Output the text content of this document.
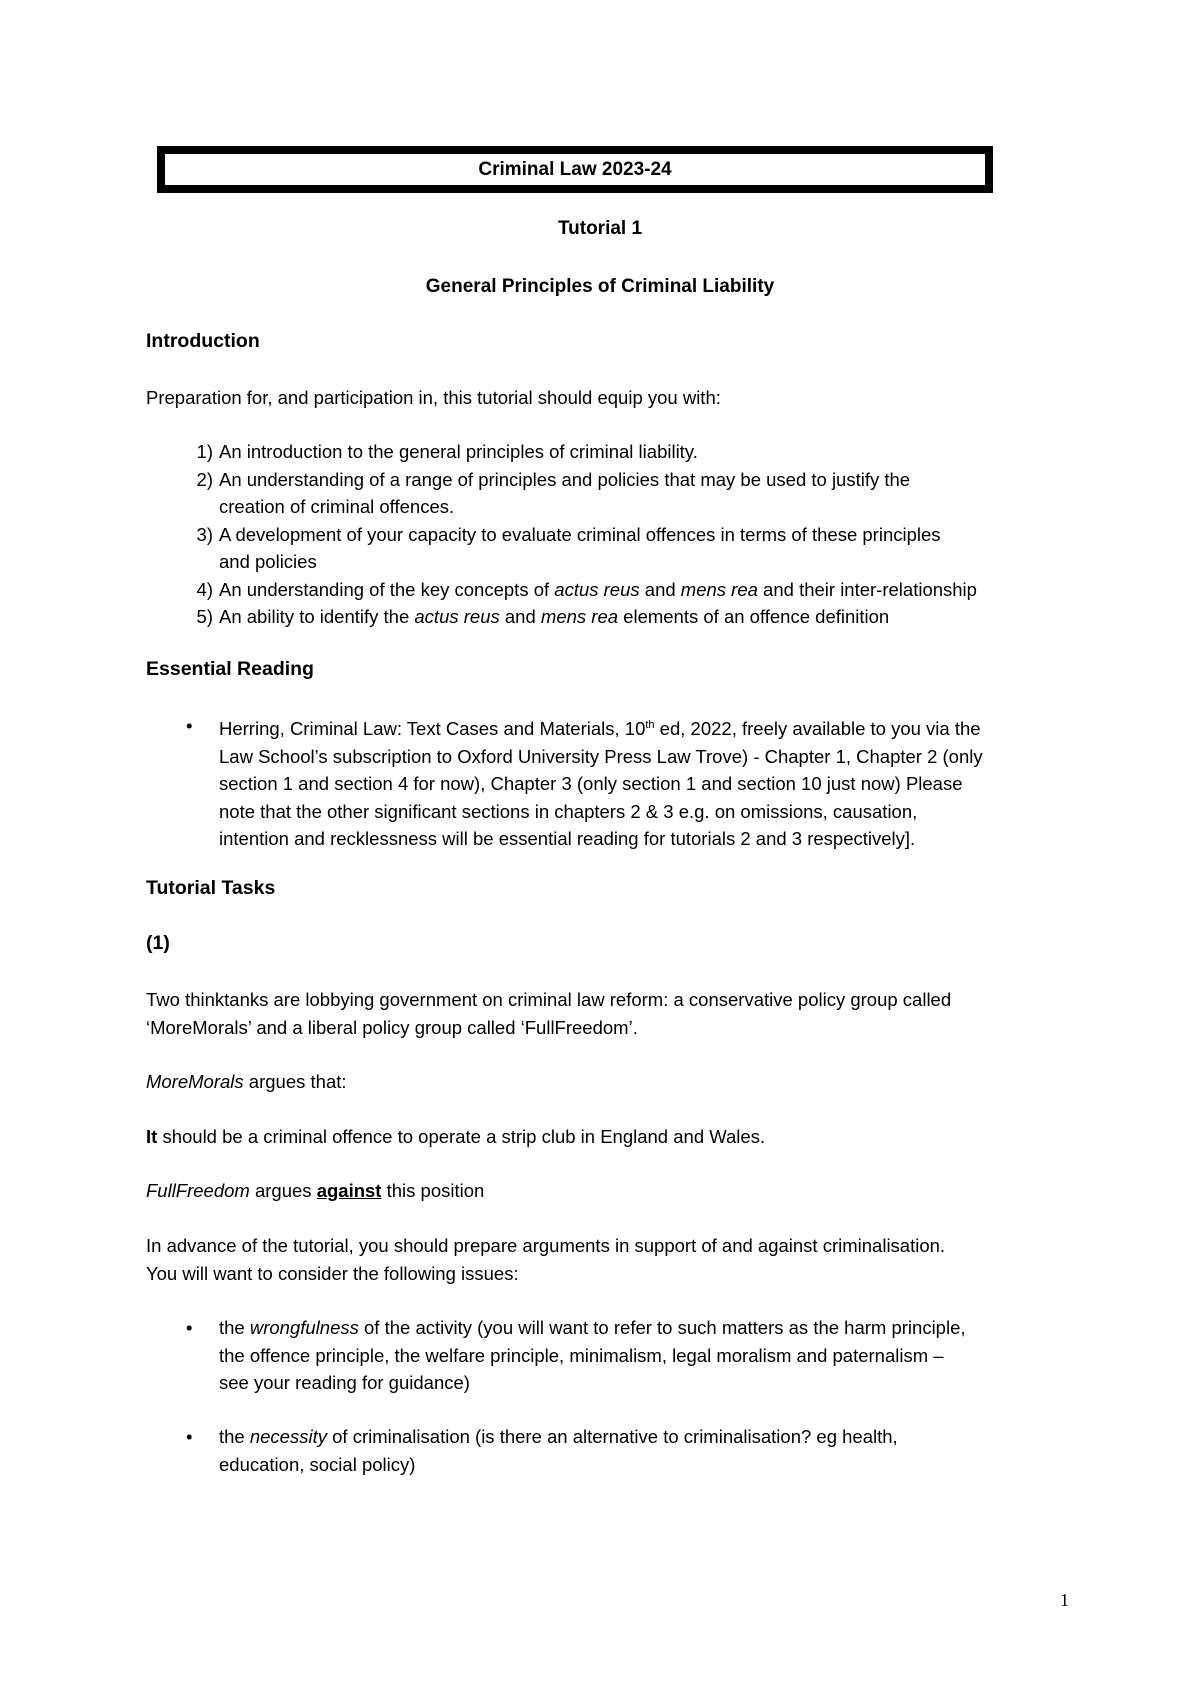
Criminal Law 2023-24
Tutorial 1
General Principles of Criminal Liability
Introduction
Preparation for, and participation in, this tutorial should equip you with:
1) An introduction to the general principles of criminal liability.
2) An understanding of a range of principles and policies that may be used to justify the
creation of criminal offences.
3) A development of your capacity to evaluate criminal offences in terms of these principles
and policies
4) An understanding of the key concepts of actus reus and mens rea and their inter-relationship
5) An ability to identify the actus reus and mens rea elements of an offence definition
Essential Reading
•	Herring, Criminal Law: Text Cases and Materials, 10th ed, 2022, freely available to you via the
Law School’s subscription to Oxford University Press Law Trove) - Chapter 1, Chapter 2 (only
section 1 and section 4 for now), Chapter 3 (only section 1 and section 10 just now) Please
note that the other significant sections in chapters 2 & 3 e.g. on omissions, causation,
intention and recklessness will be essential reading for tutorials 2 and 3 respectively].
Tutorial Tasks
(1)
Two thinktanks are lobbying government on criminal law reform: a conservative policy group called
‘MoreMorals’ and a liberal policy group called ‘FullFreedom’.
MoreMorals argues that:
It should be a criminal offence to operate a strip club in England and Wales.
FullFreedom argues against this position
In advance of the tutorial, you should prepare arguments in support of and against criminalisation.
You will want to consider the following issues:
•	the wrongfulness of the activity (you will want to refer to such matters as the harm principle,
the offence principle, the welfare principle, minimalism, legal moralism and paternalism –
see your reading for guidance)
•	the necessity of criminalisation (is there an alternative to criminalisation? eg health,
education, social policy)
1
